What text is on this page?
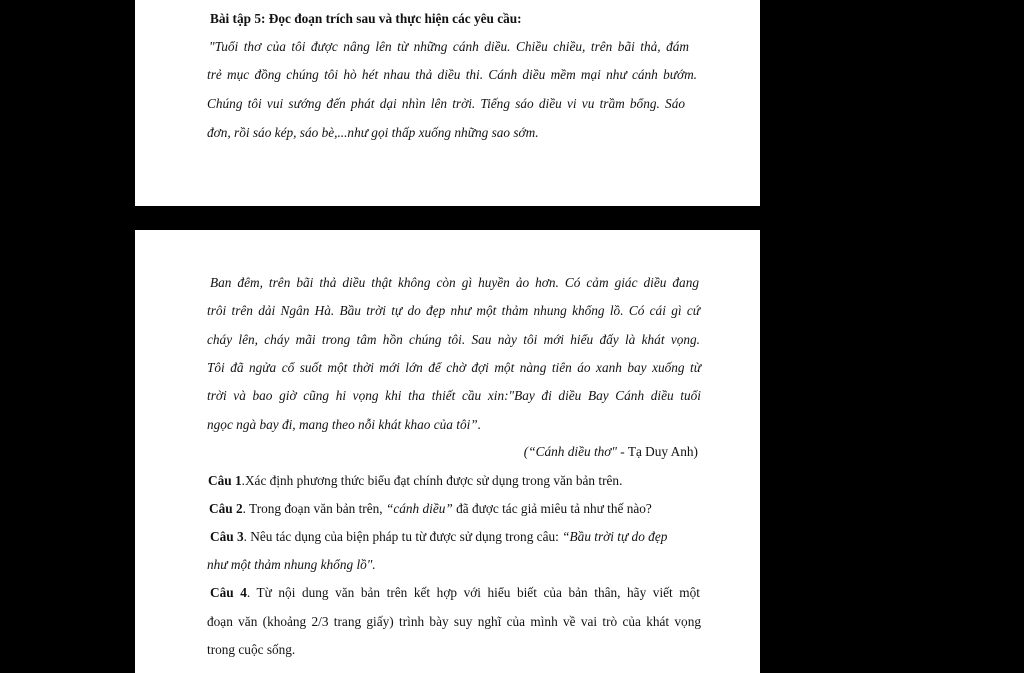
Bài tập 5: Đọc đoạn trích sau và thực hiện các yêu cầu:
"Tuổi thơ của tôi được nâng lên từ những cánh diều. Chiều chiều, trên bãi thả, đám
trẻ mục đồng chúng tôi hò hét nhau thả diều thi. Cánh diều mềm mại như cánh bướm.
Chúng tôi vui sướng đến phát dại nhìn lên trời. Tiếng sáo diều vi vu trầm bổng. Sáo
đơn, rồi sáo kép, sáo bè,...như gọi thấp xuống những sao sớm.
Ban đêm, trên bãi thả diều thật không còn gì huyền ảo hơn. Có cảm giác diều đang
trôi trên dải Ngân Hà. Bầu trời tự do đẹp như một thảm nhung khổng lồ. Có cái gì cứ
cháy lên, cháy mãi trong tâm hồn chúng tôi. Sau này tôi mới hiểu đấy là khát vọng.
Tôi đã ngửa cổ suốt một thời mới lớn để chờ đợi một nàng tiên áo xanh bay xuống từ
trời và bao giờ cũng hi vọng khi tha thiết cầu xin:"Bay đi diều Bay Cánh diều tuổi
ngọc ngà bay đi, mang theo nỗi khát khao của tôi”.
(“Cánh diều thơ" - Tạ Duy Anh)
Câu 1.Xác định phương thức biểu đạt chính được sử dụng trong văn bản trên.
Câu 2. Trong đoạn văn bản trên, “cánh diều” đã được tác giả miêu tả như thế nào?
Câu 3. Nêu tác dụng của biện pháp tu từ được sử dụng trong câu: “Bầu trời tự do đẹp
như một thảm nhung khổng lồ".
Câu 4. Từ nội dung văn bản trên kết hợp với hiểu biết của bản thân, hãy viết một
đoạn văn (khoảng 2/3 trang giấy) trình bày suy nghĩ của mình về vai trò của khát vọng
trong cuộc sống.
